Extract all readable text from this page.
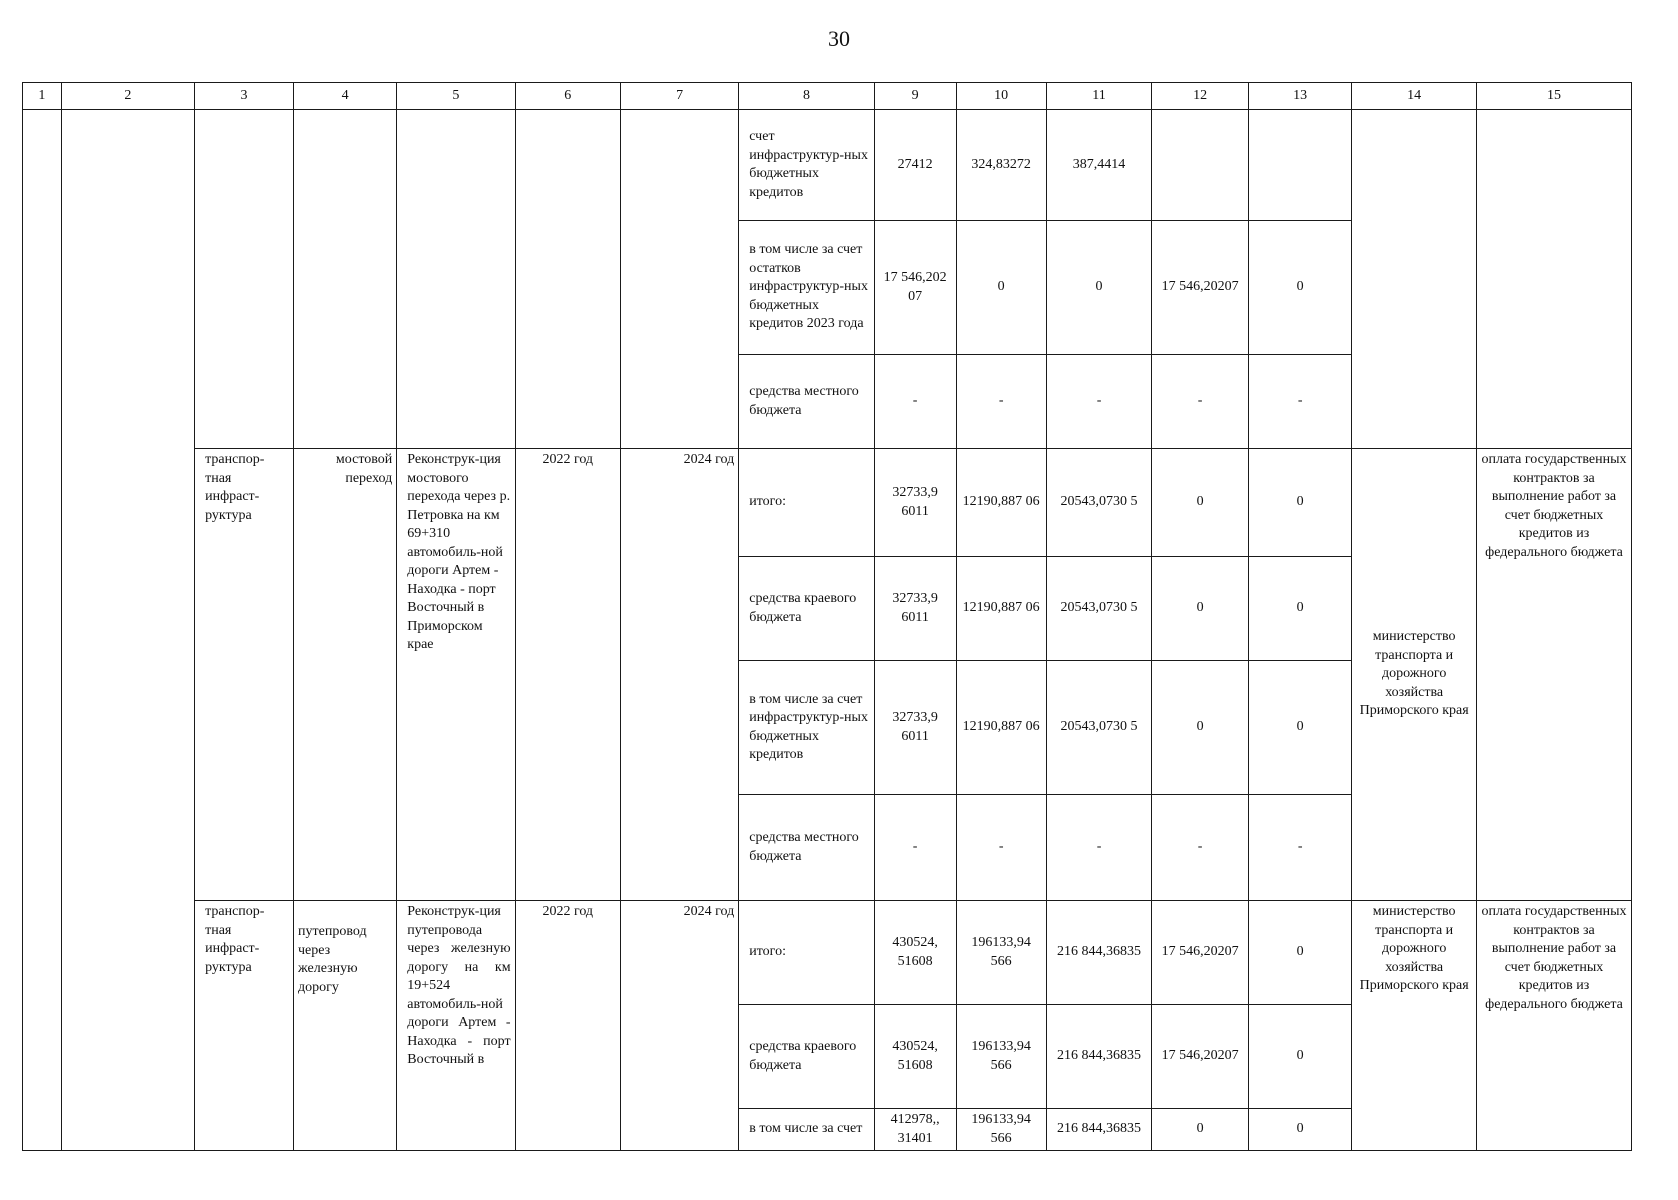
30
1	2	3	4	5	6	7	8	9	10	11	12	13	14	15
							счет инфраструктур-ных бюджетных кредитов	27412	324,83272	387,4414				
							в том числе за счет остатков инфраструктур-ных бюджетных кредитов 2023 года	17 546,202 07	0	0	17 546,20207	0		
							средства местного бюджета	-	-	-	-	-		
		транспор-тная инфраст-руктура	мостовой переход	Реконструк-ция мостового перехода через р. Петровка на км 69+310 автомобиль-ной дороги Артем - Находка - порт Восточный в Приморском крае	2022 год	2024 год	итого:	32733,9 6011	12190,887 06	20543,0730 5	0	0	министерство транспорта и дорожного хозяйства Приморского края	оплата государственных контрактов за выполнение работ за счет бюджетных кредитов из федерального бюджета
							средства краевого бюджета	32733,9 6011	12190,887 06	20543,0730 5	0	0		
							в том числе за счет инфраструктур-ных бюджетных кредитов	32733,9 6011	12190,887 06	20543,0730 5	0	0		
							средства местного бюджета	-	-	-	-	-		
		транспор-тная инфраст-руктура	путепровод через железную дорогу	Реконструк-ция путепровода через железную дорогу на км 19+524 автомобиль-ной дороги Артем - Находка - порт Восточный в	2022 год	2024 год	итого:	430524, 51608	196133,94 566	216 844,36835	17 546,20207	0	министерство транспорта и дорожного хозяйства Приморского края	оплата государственных контрактов за выполнение работ за счет бюджетных кредитов из федерального бюджета
							средства краевого бюджета	430524, 51608	196133,94 566	216 844,36835	17 546,20207	0		
							в том числе за счет	412978,, 31401	196133,94 566	216 844,36835	0	0		
